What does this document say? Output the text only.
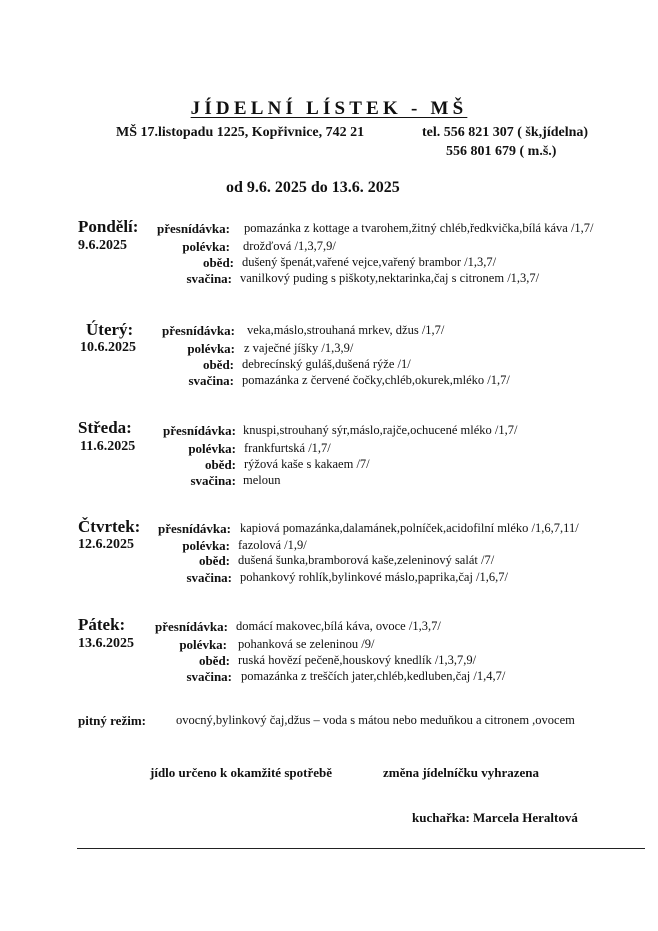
JÍDELNÍ LÍSTEK - MŠ
MŠ 17.listopadu 1225, Kopřivnice, 742 21	tel. 556 821 307 ( šk,jídelna)
556 801 679 ( m.š.)
od 9.6. 2025 do 13.6. 2025
Pondělí:
9.6.2025
přesnídávka: pomazánka z kottage a tvarohem,žitný chléb,ředkvička,bílá káva /1,7/
polévka: drožďová /1,3,7,9/
oběd: dušený špenát,vařené vejce,vařený brambor /1,3,7/
svačina: vanilkový puding s piškoty,nektarinka,čaj s citronem /1,3,7/
Úterý:
10.6.2025
přesnídávka: veka,máslo,strouhaná mrkev, džus /1,7/
polévka: z vaječné jíšky /1,3,9/
oběd: debrecínský guláš,dušená rýže /1/
svačina: pomazánka z červené čočky,chléb,okurek,mléko /1,7/
Středa:
11.6.2025
přesnídávka: knuspi,strouhaný sýr,máslo,rajče,ochucené mléko /1,7/
polévka: frankfurtská /1,7/
oběd: rýžová kaše s kakaem /7/
svačina: meloun
Čtvrtek:
12.6.2025
přesnídávka: kapiová pomazánka,dalamánek,polníček,acidofilní mléko /1,6,7,11/
polévka: fazolová /1,9/
oběd: dušená šunka,bramborová kaše,zeleninový salát /7/
svačina: pohankový rohlík,bylinkové máslo,paprika,čaj /1,6,7/
Pátek:
13.6.2025
přesnídávka: domácí makovec,bílá káva, ovoce /1,3,7/
polévka: pohanková se zeleninou /9/
oběd: ruská hovězí pečeně,houskový knedlík /1,3,7,9/
svačina: pomazánka z treščích jater,chléb,kedluben,čaj /1,4,7/
pitný režim: ovocný,bylinkový čaj,džus – voda s mátou nebo meduňkou a citronem ,ovocem
jídlo určeno k okamžité spotřebě	změna jídelníčku vyhrazena
kuchařka: Marcela Heraltová
